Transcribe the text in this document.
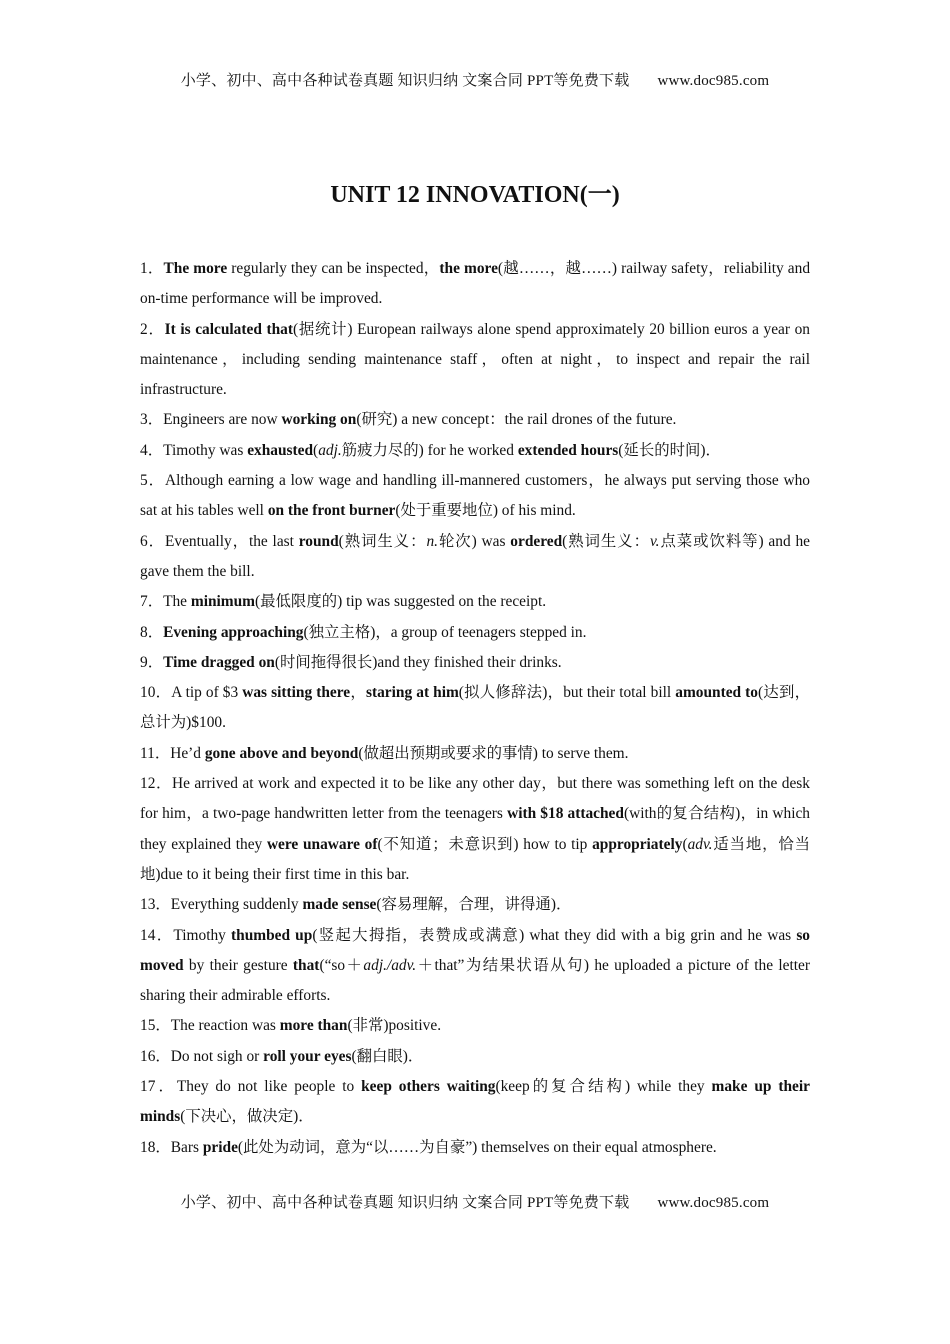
小学、初中、高中各种试卷真题 知识归纳 文案合同 PPT等免费下载 www.doc985.com
UNIT 12 INNOVATION(一)

1．The more regularly they can be inspected，the more(越……，越……) railway safety，reliability and on-time performance will be improved.

2．It is calculated that(据统计) European railways alone spend approximately 20 billion euros a year on maintenance，including sending maintenance staff，often at night，to inspect and repair the rail infrastructure.

3．Engineers are now working on(研究) a new concept：the rail drones of the future.

4．Timothy was exhausted(adj.筋疲力尽的) for he worked extended hours(延长的时间)．

5．Although earning a low wage and handling ill-mannered customers，he always put serving those who sat at his tables well on the front burner(处于重要地位) of his mind.

6．Eventually，the last round(熟词生义：n.轮次) was ordered(熟词生义：v.点菜或饮料等) and he gave them the bill.

7．The minimum(最低限度的) tip was suggested on the receipt.

8．Evening approaching(独立主格)，a group of teenagers stepped in.

9．Time dragged on(时间拖得很长)and they finished their drinks.

10．A tip of $3 was sitting there，staring at him(拟人修辞法)，but their total bill amounted to(达到，总计为)$100.

11．He’d gone above and beyond(做超出预期或要求的事情) to serve them.

12．He arrived at work and expected it to be like any other day，but there was something left on the desk for him，a two-page handwritten letter from the teenagers with $18 attached(with的复合结构)，in which they explained they were unaware of(不知道；未意识到) how to tip appropriately(adv.适当地，恰当地)due to it being their first time in this bar.

13．Everything suddenly made sense(容易理解，合理，讲得通)．

14．Timothy thumbed up(竖起大拇指，表赞成或满意) what they did with a big grin and he was so moved by their gesture that(“so＋adj./adv.＋that”为结果状语从句) he uploaded a picture of the letter sharing their admirable efforts.

15．The reaction was more than(非常)positive.

16．Do not sigh or roll your eyes(翻白眼)．

17．They do not like people to keep others waiting(keep的复合结构) while they make up their minds(下决心，做决定)．

18．Bars pride(此处为动词，意为“以……为自豪”) themselves on their equal atmosphere.

小学、初中、高中各种试卷真题 知识归纳 文案合同 PPT等免费下载 www.doc985.com
